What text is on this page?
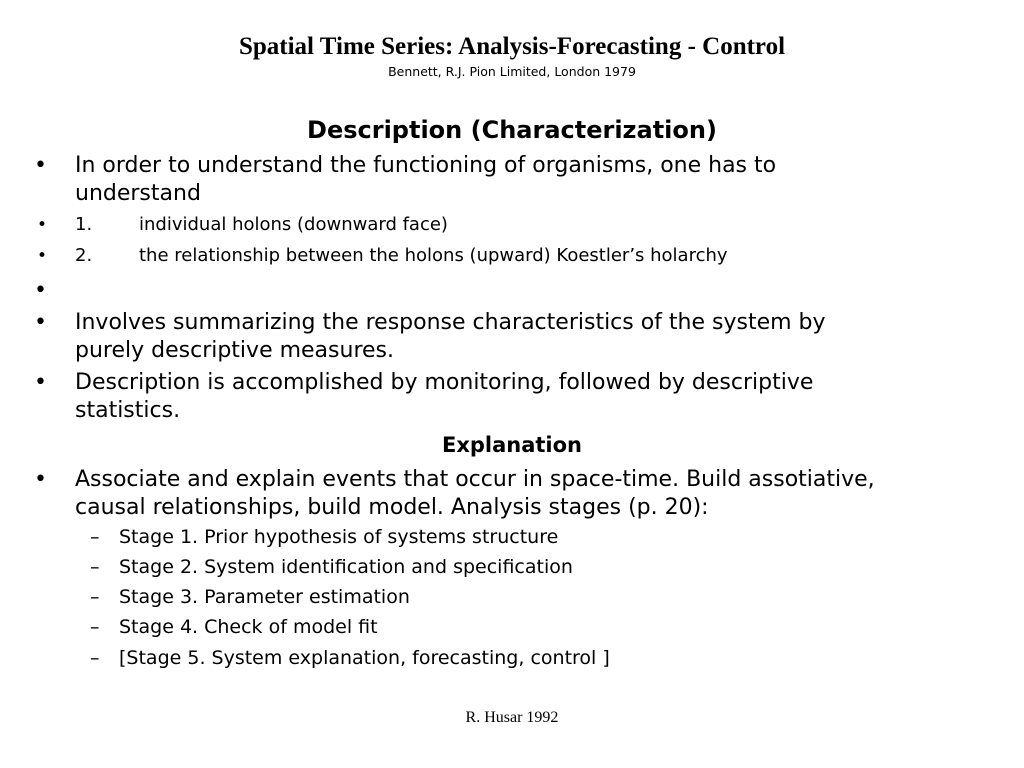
Spatial Time Series: Analysis-Forecasting - Control
Bennett, R.J. Pion Limited, London 1979
Description (Characterization)
• In order to understand the functioning of organisms, one has to
understand
• 1.	individual holons (downward face)
• 2.	the relationship between the holons (upward) Koestler’s holarchy
•
• Involves summarizing the response characteristics of the system by
purely descriptive measures.
• Description is accomplished by monitoring, followed by descriptive
statistics.
Explanation
• Associate and explain events that occur in space-time. Build assotiative,
causal relationships, build model. Analysis stages (p. 20):
– Stage 1. Prior hypothesis of systems structure
– Stage 2. System identification and specification
– Stage 3. Parameter estimation
– Stage 4. Check of model fit
– [Stage 5. System explanation, forecasting, control ]
R. Husar 1992
